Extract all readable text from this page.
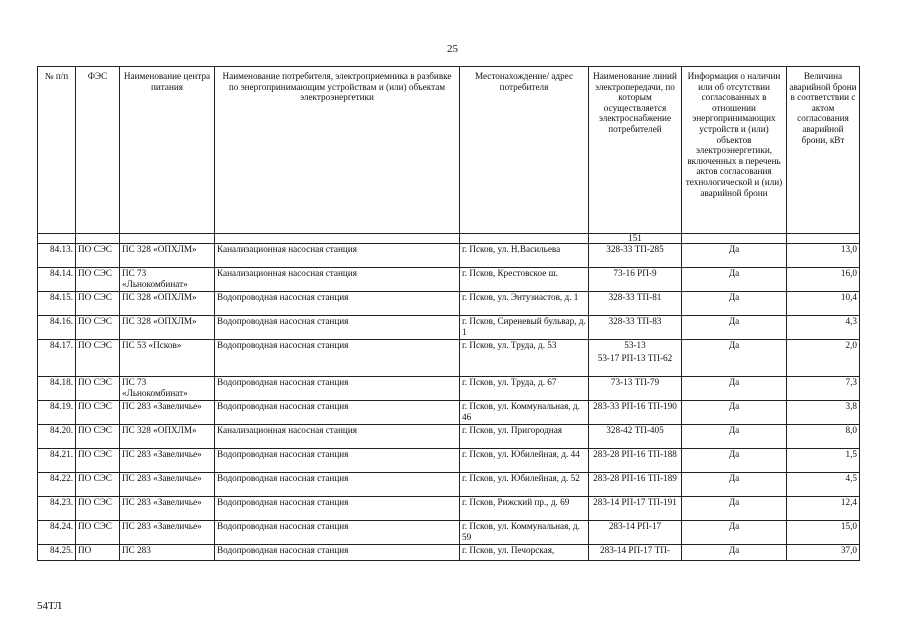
25
№ п/п	ФЭС	Наименование центра питания	Наименование потребителя, электроприемника в разбивке по энергопринимающим устройствам и (или) объектам электроэнергетики	Местонахождение/ адрес потребителя	Наименование линий электропередачи, по которым осуществляется электроснабжение потребителей	Информация о наличии или об отсутствии согласованных в отношении энергопринимающих устройств и (или) объектов электроэнергетики, включенных в перечень актов согласования технологической и (или) аварийной брони	Величина аварийной брони в соответствии с актом согласования аварийной брони, кВт
					151		
84.13.	ПО СЭС	ПС 328 «ОПХЛМ»	Канализационная насосная станция	г. Псков, ул. Н.Васильева	328-33 ТП-285	Да	13,0
84.14.	ПО СЭС	ПС 73 «Льнокомбинат»	Канализационная насосная станция	г. Псков, Крестовское ш.	73-16 РП-9	Да	16,0
84.15.	ПО СЭС	ПС 328 «ОПХЛМ»	Водопроводная насосная станция	г. Псков, ул. Энтузиастов, д. 1	328-33 ТП-81	Да	10,4
84.16.	ПО СЭС	ПС 328 «ОПХЛМ»	Водопроводная насосная станция	г. Псков, Сиреневый бульвар, д. 1	328-33 ТП-83	Да	4,3
84.17.	ПО СЭС	ПС 53 «Псков»	Водопроводная насосная станция	г. Псков, ул. Труда, д. 53	53-13
53-17 РП-13 ТП-62	Да	2,0
84.18.	ПО СЭС	ПС 73 «Льнокомбинат»	Водопроводная насосная станция	г. Псков, ул. Труда, д. 67	73-13 ТП-79	Да	7,3
84.19.	ПО СЭС	ПС 283 «Завеличье»	Водопроводная насосная станция	г. Псков, ул. Коммунальная, д. 46	283-33 РП-16 ТП-190	Да	3,8
84.20.	ПО СЭС	ПС 328 «ОПХЛМ»	Канализационная насосная станция	г. Псков, ул. Пригородная	328-42 ТП-405	Да	8,0
84.21.	ПО СЭС	ПС 283 «Завеличье»	Водопроводная насосная станция	г. Псков, ул. Юбилейная, д. 44	283-28 РП-16 ТП-188	Да	1,5
84.22.	ПО СЭС	ПС 283 «Завеличье»	Водопроводная насосная станция	г. Псков, ул. Юбилейная, д. 52	283-28 РП-16 ТП-189	Да	4,5
84.23.	ПО СЭС	ПС 283 «Завеличье»	Водопроводная насосная станция	г. Псков, Рижский пр., д. 69	283-14 РП-17 ТП-191	Да	12,4
84.24.	ПО СЭС	ПС 283 «Завеличье»	Водопроводная насосная станция	г. Псков, ул. Коммунальная, д. 59	283-14 РП-17	Да	15,0
84.25.	ПО	ПС 283	Водопроводная насосная станция	г. Псков, ул. Печорская,	283-14 РП-17 ТП-	Да	37,0
54ТЛ
